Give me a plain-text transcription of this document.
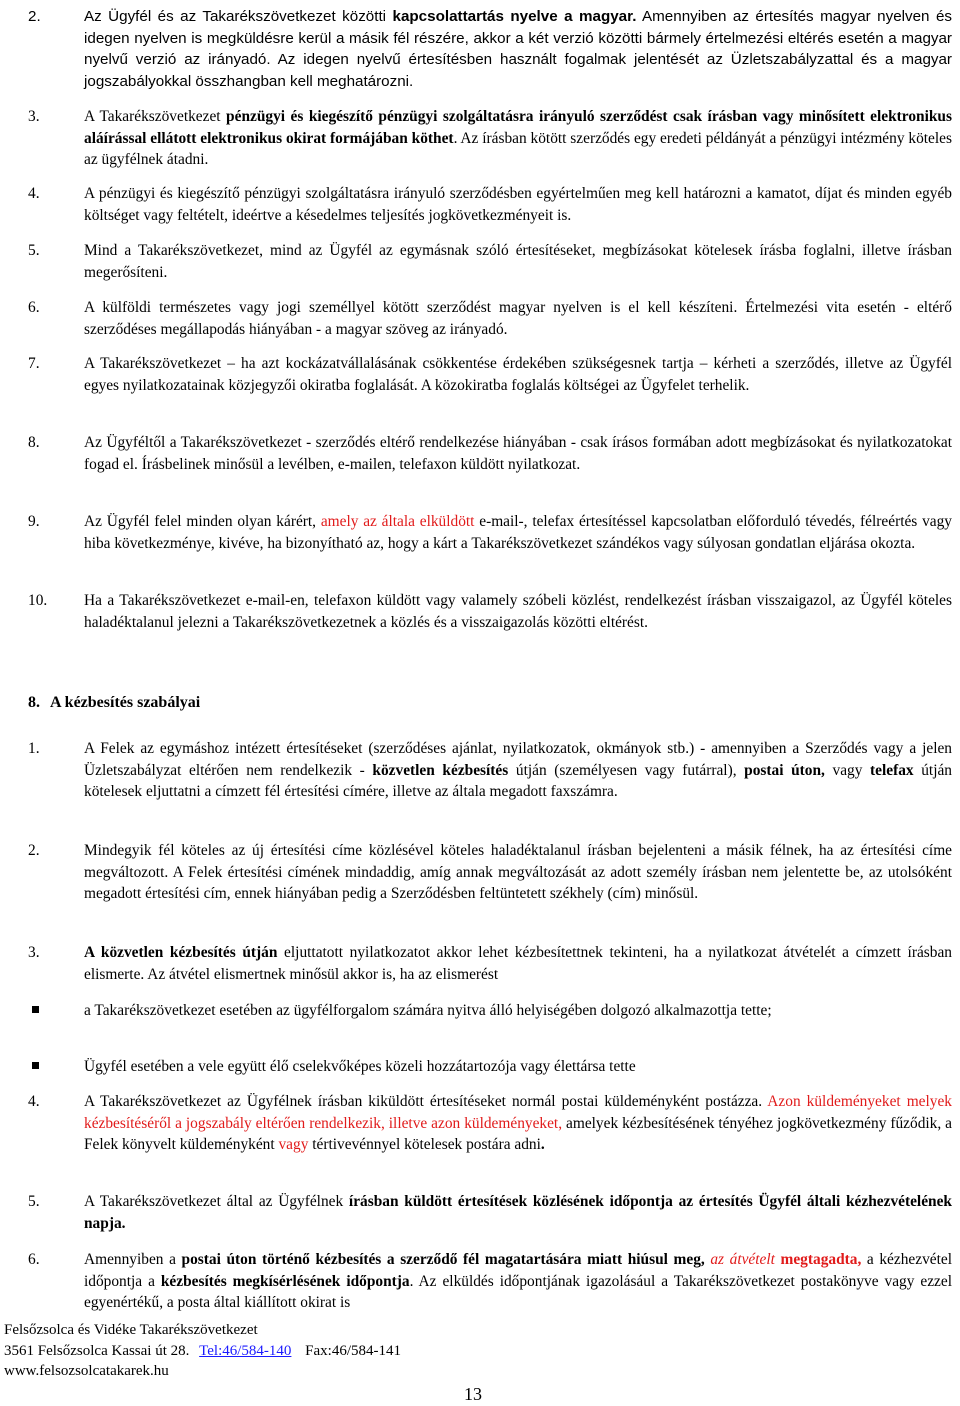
2.	Az Ügyfél és az Takarékszövetkezet közötti kapcsolattartás nyelve a magyar. Amennyiben az értesítés magyar nyelven és idegen nyelven is megküldésre kerül a másik fél részére, akkor a két verzió közötti bármely értelmezési eltérés esetén a magyar nyelvű verzió az irányadó. Az idegen nyelvű értesítésben használt fogalmak jelentését az Üzletszabályzattal és a magyar jogszabályokkal összhangban kell meghatározni.
3.	A Takarékszövetkezet pénzügyi és kiegészítő pénzügyi szolgáltatásra irányuló szerződést csak írásban vagy minősített elektronikus aláírással ellátott elektronikus okirat formájában köthet. Az írásban kötött szerződés egy eredeti példányát a pénzügyi intézmény köteles az ügyfélnek átadni.
4.	A pénzügyi és kiegészítő pénzügyi szolgáltatásra irányuló szerződésben egyértelműen meg kell határozni a kamatot, díjat és minden egyéb költséget vagy feltételt, ideértve a késedelmes teljesítés jogkövetkezményeit is.
5.	Mind a Takarékszövetkezet, mind az Ügyfél az egymásnak szóló értesítéseket, megbízásokat kötelesek írásba foglalni, illetve írásban megerősíteni.
6.	A külföldi természetes vagy jogi személlyel kötött szerződést magyar nyelven is el kell készíteni. Értelmezési vita esetén - eltérő szerződéses megállapodás hiányában - a magyar szöveg az irányadó.
7.	A Takarékszövetkezet – ha azt kockázatvállalásának csökkentése érdekében szükségesnek tartja – kérheti a szerződés, illetve az Ügyfél egyes nyilatkozatainak közjegyzői okiratba foglalását. A közokiratba foglalás költségei az Ügyfelet terhelik.
8.	Az Ügyféltől a Takarékszövetkezet - szerződés eltérő rendelkezése hiányában - csak írásos formában adott megbízásokat és nyilatkozatokat fogad el. Írásbelinek minősül a levélben, e-mailen, telefaxon küldött nyilatkozat.
9.	Az Ügyfél felel minden olyan kárért, amely az általa elküldött e-mail-, telefax értesítéssel kapcsolatban előforduló tévedés, félreértés vagy hiba következménye, kivéve, ha bizonyítható az, hogy a kárt a Takarékszövetkezet szándékos vagy súlyosan gondatlan eljárása okozta.
10. Ha a Takarékszövetkezet e-mail-en, telefaxon küldött vagy valamely szóbeli közlést, rendelkezést írásban visszaigazol, az Ügyfél köteles haladéktalanul jelezni a Takarékszövetkezetnek a közlés és a visszaigazolás közötti eltérést.
8. A kézbesítés szabályai
1.	A Felek az egymáshoz intézett értesítéseket (szerződéses ajánlat, nyilatkozatok, okmányok stb.) - amennyiben a Szerződés vagy a jelen Üzletszabályzat eltérően nem rendelkezik - közvetlen kézbesítés útján (személyesen vagy futárral), postai úton, vagy telefax útján kötelesek eljuttatni a címzett fél értesítési címére, illetve az általa megadott faxszámra.
2.	Mindegyik fél köteles az új értesítési címe közlésével köteles haladéktalanul írásban bejelenteni a másik félnek, ha az értesítési címe megváltozott. A Felek értesítési címének mindaddig, amíg annak megváltozását az adott személy írásban nem jelentette be, az utolsóként megadott értesítési cím, ennek hiányában pedig a Szerződésben feltüntetett székhely (cím) minősül.
3.	A közvetlen kézbesítés útján eljuttatott nyilatkozatot akkor lehet kézbesítettnek tekinteni, ha a nyilatkozat átvételét a címzett írásban elismerte. Az átvétel elismertnek minősül akkor is, ha az elismerést
a Takarékszövetkezet esetében az ügyfélforgalom számára nyitva álló helyiségében dolgozó alkalmazottja tette;
Ügyfél esetében a vele együtt élő cselekvőképes közeli hozzátartozója vagy élettársa tette
4.	A Takarékszövetkezet az Ügyfélnek írásban kiküldött értesítéseket normál postai küldeményként postázza. Azon küldeményeket melyek kézbesítéséről a jogszabály eltérően rendelkezik, illetve azon küldeményeket, amelyek kézbesítésének tényéhez jogkövetkezmény fűződik, a Felek könyvelt küldeményként vagy tértivevénnyel kötelesek postára adni.
5.	A Takarékszövetkezet által az Ügyfélnek írásban küldött értesítések közlésének időpontja az értesítés Ügyfél általi kézhezvételének napja.
6.	Amennyiben a postai úton történő kézbesítés a szerződő fél magatartására miatt hiúsul meg, az átvételt megtagadta, a kézhezvétel időpontja a kézbesítés megkísérlésének időpontja. Az elküldés időpontjának igazolásául a Takarékszövetkezet postakönyve vagy ezzel egyenértékű, a posta által kiállított okirat is
Felsőzsolca és Vidéke Takarékszövetkezet
3561 Felsőzsolca Kassai út 28. Tel:46/584-140 Fax:46/584-141
www.felsozsolcatakarek.hu
13
